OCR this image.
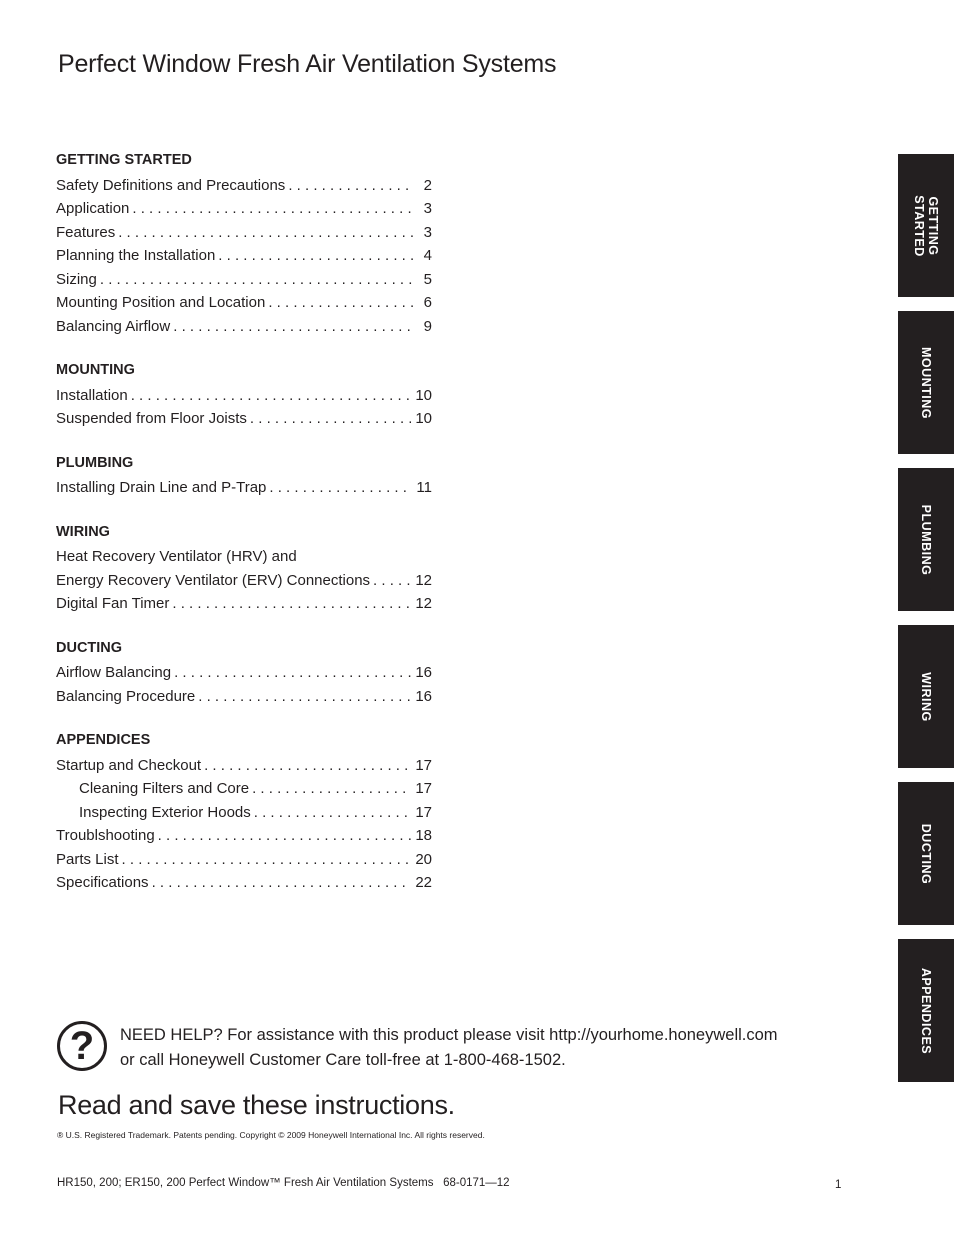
Perfect Window Fresh Air Ventilation Systems
GETTING STARTED
Safety Definitions and Precautions . . .	2
Application . . .	3
Features . . .	3
Planning the Installation . . .	4
Sizing . . .	5
Mounting Position and Location . . .	6
Balancing Airflow . . .	9
MOUNTING
Installation . . .	10
Suspended from Floor Joists . . .	10
PLUMBING
Installing Drain Line and P-Trap . . .	11
WIRING
Heat Recovery Ventilator (HRV) and
Energy Recovery Ventilator (ERV) Connections . . .	12
Digital Fan Timer . . .	12
DUCTING
Airflow Balancing . . .	16
Balancing Procedure . . .	16
APPENDICES
Startup and Checkout . . .	17
Cleaning Filters and Core . . .	17
Inspecting Exterior Hoods . . .	17
Troublshooting . . .	18
Parts List . . .	20
Specifications . . .	22
GETTING
STARTED
MOUNTING
PLUMBING
WIRING
DUCTING
APPENDICES
?	NEED HELP? For assistance with this product please visit http://yourhome.honeywell.com
or call Honeywell Customer Care toll-free at 1-800-468-1502.
Read and save these instructions.
® U.S. Registered Trademark. Patents pending. Copyright © 2009 Honeywell International Inc. All rights reserved.
HR150, 200; ER150, 200 Perfect Window™ Fresh Air Ventilation Systems   68-0171—12	1
